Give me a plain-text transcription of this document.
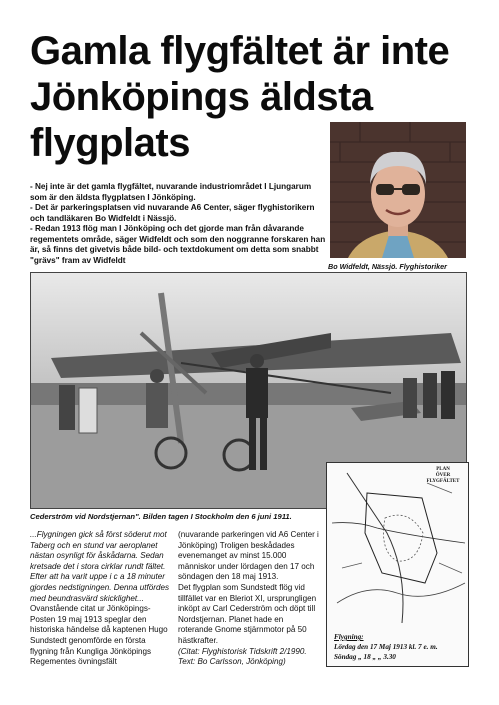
Gamla flygfältet är inte
Jönköpings äldsta
flygplats

- Nej inte är det gamla flygfältet, nuvarande industriområdet I Ljungarum som är den äldsta flygplatsen I Jönköping.

- Det är parkeringsplatsen vid nuvarande A6 Center, säger flyghistorikern och tandläkaren Bo Widfeldt i Nässjö.

- Redan 1913 flög man I Jönköping och det gjorde man från dåvarande regementets område, säger Widfeldt och som den noggranne forskaren han är, så finns det givetvis både bild- och textdokument om detta som snabbt "grävs" fram av Widfeldt

Bo Widfeldt, Nässjö. Flyghistoriker
Cederström vid Nordstjernan". Bilden tagen I Stockholm den 6 juni 1911.

...Flygningen gick så först söderut mot Taberg och en stund var aeroplanet nästan osynligt för åskådarna. Sedan kretsade det i stora cirklar rundt fältet. Efter att ha varit uppe i c a 18 minuter gjordes nedstigningen. Denna utfördes med beundrasvärd skicklighet...

Ovanstående citat ur Jönköpings-Posten 19 maj 1913 speglar den historiska händelse då kaptenen Hugo Sundstedt genomförde en första flygning från Kungliga Jönköpings Regementes övningsfält

(nuvarande parkeringen vid A6 Center i Jönköping) Troligen beskådades evenemanget av minst 15.000 människor under lördagen den 17 och söndagen den 18 maj 1913.

Det flygplan som Sundstedt flög vid tillfället var en Bleriot XI, ursprungligen inköpt av Carl Cederström och döpt till Nordstjernan. Planet hade en roterande Gnome stjärnmotor på 50 hästkrafter.

(Citat: Flyghistorisk Tidskrift 2/1990.

Text: Bo Carlsson, Jönköping)

PLAN
ÖVER
FLYGFÄLTET
Flygning:
Lördag den 17 Maj 1913 kl. 7 e. m.
Söndag „ 18 „ „ 3.30
